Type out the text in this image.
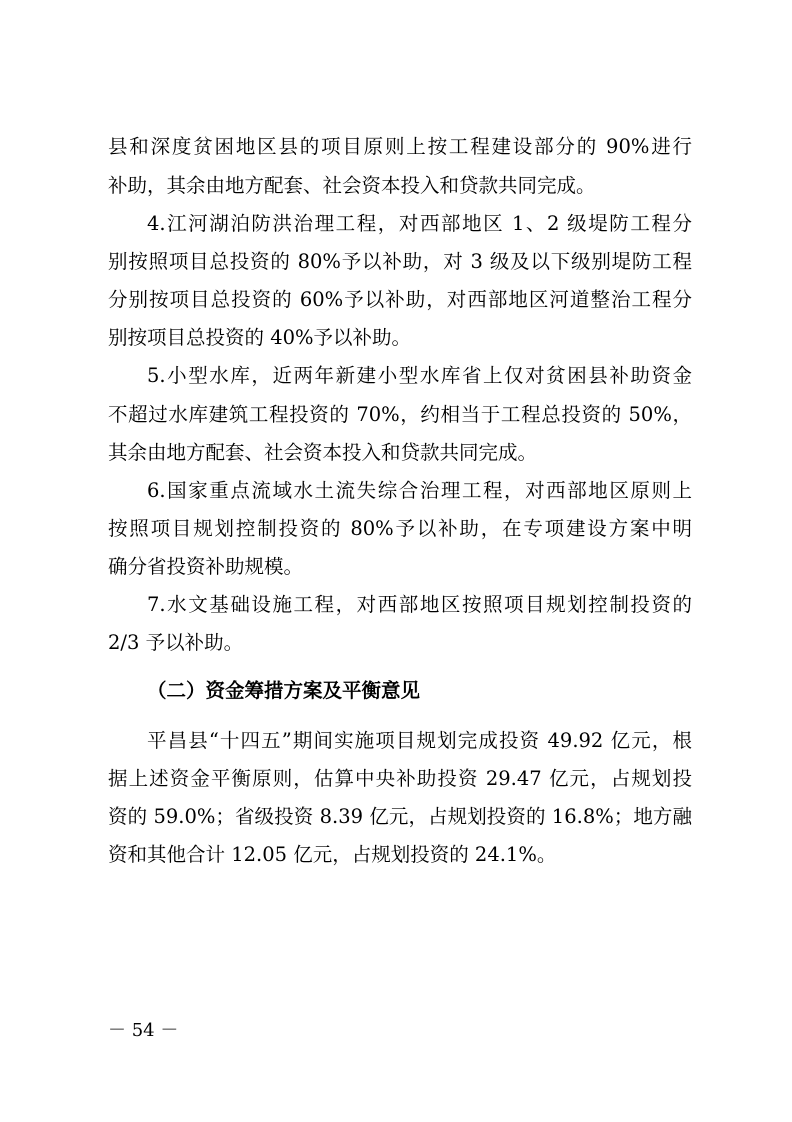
县和深度贫困地区县的项目原则上按工程建设部分的 90%进行
补助，其余由地方配套、社会资本投入和贷款共同完成。
4.江河湖泊防洪治理工程，对西部地区 1、2 级堤防工程分
别按照项目总投资的 80%予以补助，对 3 级及以下级别堤防工程
分别按项目总投资的 60%予以补助，对西部地区河道整治工程分
别按项目总投资的 40%予以补助。
5.小型水库，近两年新建小型水库省上仅对贫困县补助资金
不超过水库建筑工程投资的 70%，约相当于工程总投资的 50%，
其余由地方配套、社会资本投入和贷款共同完成。
6.国家重点流域水土流失综合治理工程，对西部地区原则上
按照项目规划控制投资的 80%予以补助，在专项建设方案中明
确分省投资补助规模。
7.水文基础设施工程，对西部地区按照项目规划控制投资的
2/3 予以补助。
（二）资金筹措方案及平衡意见
平昌县“十四五”期间实施项目规划完成投资 49.92 亿元，根
据上述资金平衡原则，估算中央补助投资 29.47 亿元，占规划投
资的 59.0%；省级投资 8.39 亿元，占规划投资的 16.8%；地方融
资和其他合计 12.05 亿元，占规划投资的 24.1%。
－ 54 －
